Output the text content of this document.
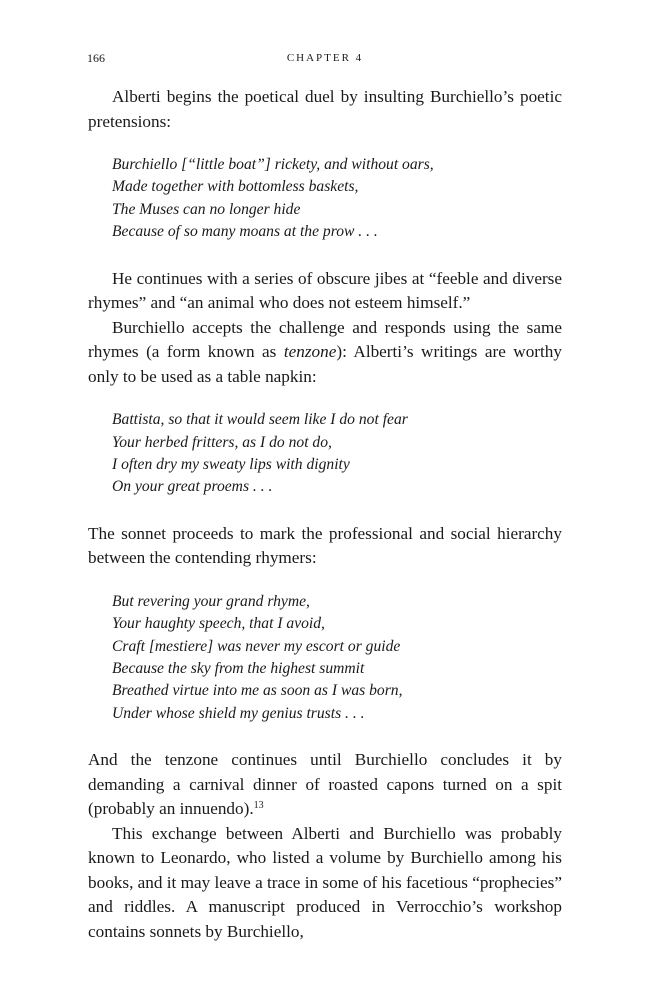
166	CHAPTER 4

Alberti begins the poetical duel by insulting Burchiello’s poetic pretensions:

Burchiello [“little boat”] rickety, and without oars,
Made together with bottomless baskets,
The Muses can no longer hide
Because of so many moans at the prow . . .

He continues with a series of obscure jibes at “feeble and diverse rhymes” and “an animal who does not esteem himself.”

Burchiello accepts the challenge and responds using the same rhymes (a form known as tenzone): Alberti’s writings are worthy only to be used as a table napkin:

Battista, so that it would seem like I do not fear
Your herbed fritters, as I do not do,
I often dry my sweaty lips with dignity
On your great proems . . .

The sonnet proceeds to mark the professional and social hierarchy between the contending rhymers:

But revering your grand rhyme,
Your haughty speech, that I avoid,
Craft [mestiere] was never my escort or guide
Because the sky from the highest summit
Breathed virtue into me as soon as I was born,
Under whose shield my genius trusts . . .

And the tenzone continues until Burchiello concludes it by demanding a carnival dinner of roasted capons turned on a spit (probably an innuendo).$^{13}$

This exchange between Alberti and Burchiello was probably known to Leonardo, who listed a volume by Burchiello among his books, and it may leave a trace in some of his facetious “prophecies” and riddles. A manuscript produced in Verrocchio’s workshop contains sonnets by Burchiello,
